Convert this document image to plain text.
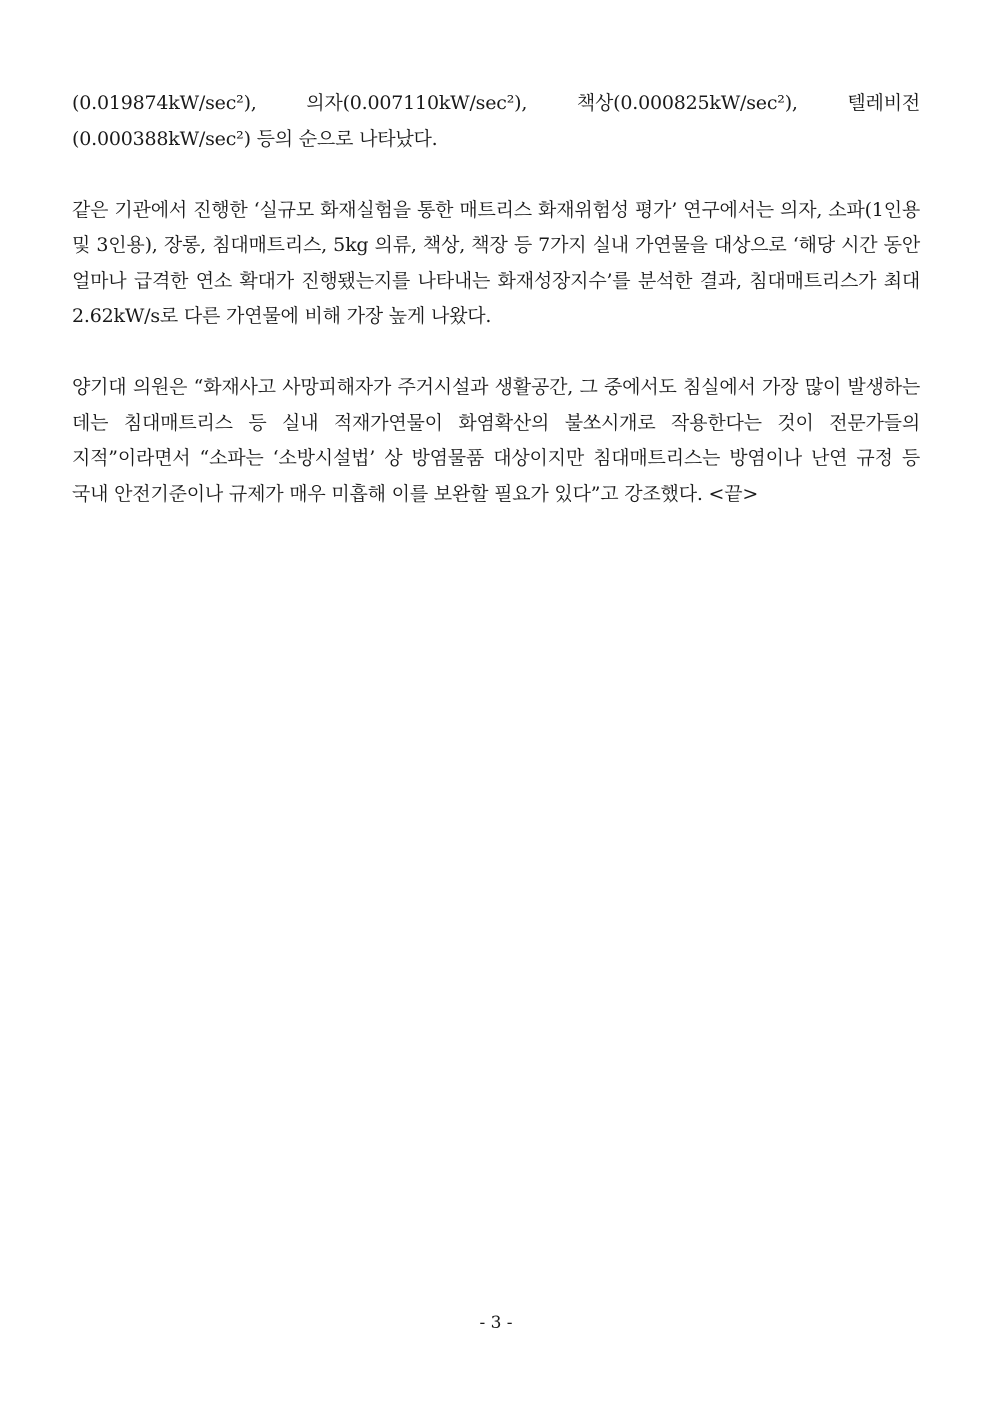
(0.019874kW/sec²), 의자(0.007110kW/sec²), 책상(0.000825kW/sec²), 텔레비전(0.000388kW/sec²) 등의 순으로 나타났다.

같은 기관에서 진행한 ‘실규모 화재실험을 통한 매트리스 화재위험성 평가’ 연구에서는 의자, 소파(1인용 및 3인용), 장롱, 침대매트리스, 5kg 의류, 책상, 책장 등 7가지 실내 가연물을 대상으로 ‘해당 시간 동안 얼마나 급격한 연소 확대가 진행됐는지를 나타내는 화재성장지수’를 분석한 결과, 침대매트리스가 최대 2.62kW/s로 다른 가연물에 비해 가장 높게 나왔다.

양기대 의원은 “화재사고 사망피해자가 주거시설과 생활공간, 그 중에서도 침실에서 가장 많이 발생하는 데는 침대매트리스 등 실내 적재가연물이 화염확산의 불쏘시개로 작용한다는 것이 전문가들의 지적”이라면서 “소파는 ‘소방시설법’ 상 방염물품 대상이지만 침대매트리스는 방염이나 난연 규정 등 국내 안전기준이나 규제가 매우 미흡해 이를 보완할 필요가 있다”고 강조했다. <끝>

- 3 -
